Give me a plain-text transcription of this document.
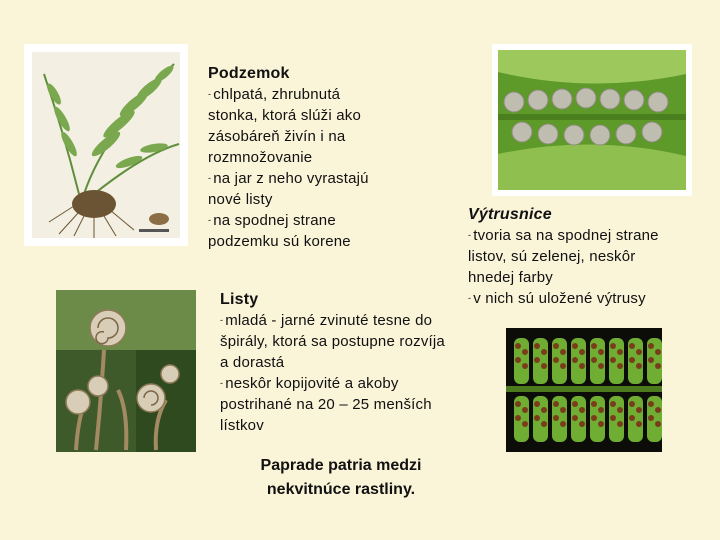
Podzemok
- chlpatá, zhrubnutá
stonka, ktorá slúži ako
zásobáreň živín i na
rozmnožovanie
- na jar z neho vyrastajú
nové listy
- na spodnej strane
podzemku sú korene
Listy
- mladá - jarné zvinuté tesne do
špirály, ktorá sa postupne rozvíja
a dorastá
- neskôr kopijovité a akoby
postrihané na 20 – 25 menších
lístkov
Výtrusnice
- tvoria sa na spodnej strane
listov, sú zelenej, neskôr
hnedej farby
- v nich sú uložené výtrusy
Paprade patria medzi
nekvitnúce rastliny.
